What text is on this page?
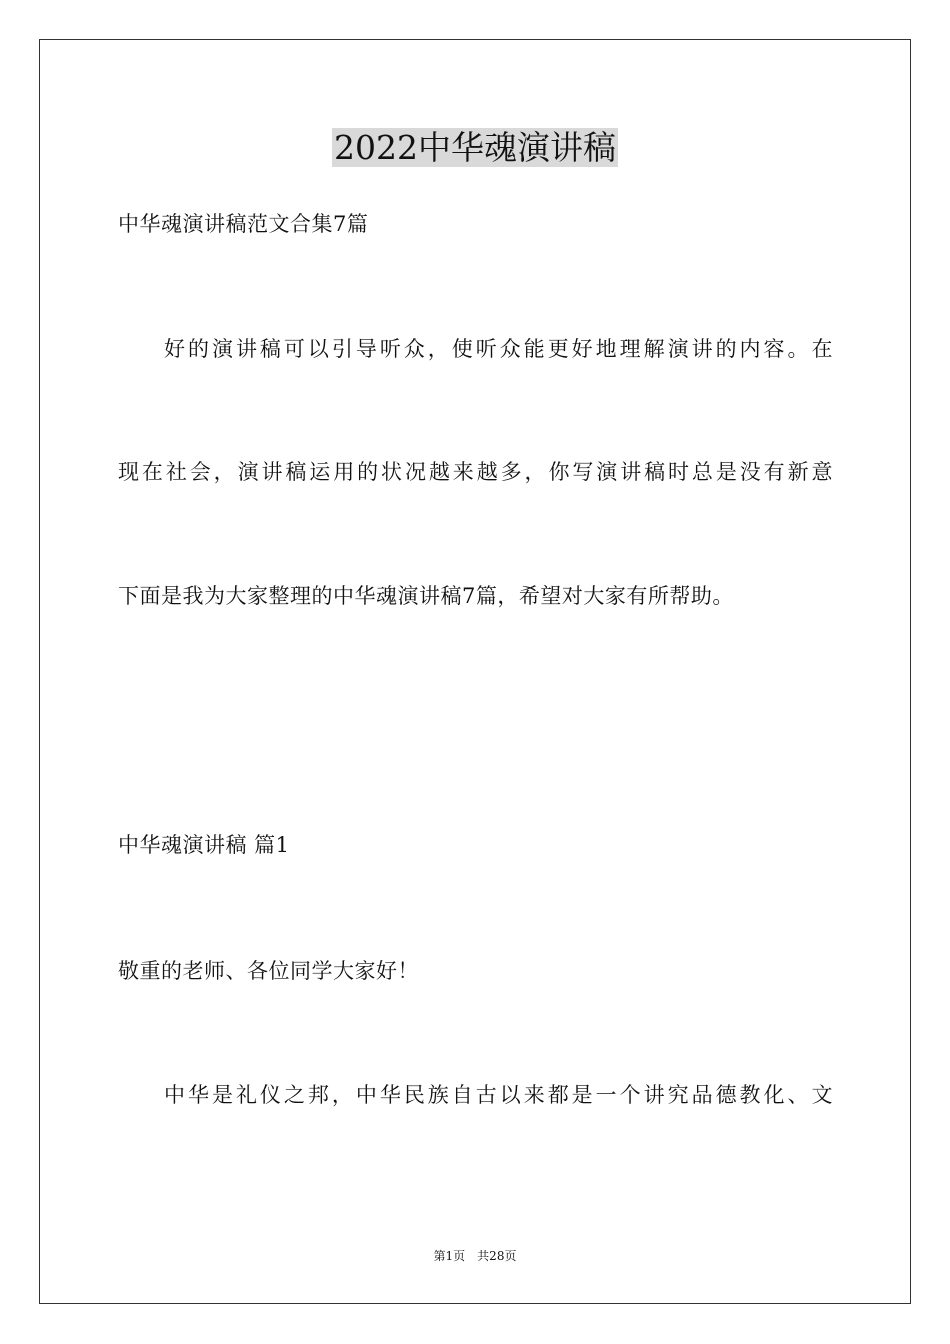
2022中华魂演讲稿
中华魂演讲稿范文合集7篇
好的演讲稿可以引导听众，使听众能更好地理解演讲的内容。在
现在社会，演讲稿运用的状况越来越多，你写演讲稿时总是没有新意
下面是我为大家整理的中华魂演讲稿7篇，希望对大家有所帮助。
中华魂演讲稿 篇1
敬重的老师、各位同学大家好！
中华是礼仪之邦，中华民族自古以来都是一个讲究品德教化、文
第1页　共28页
